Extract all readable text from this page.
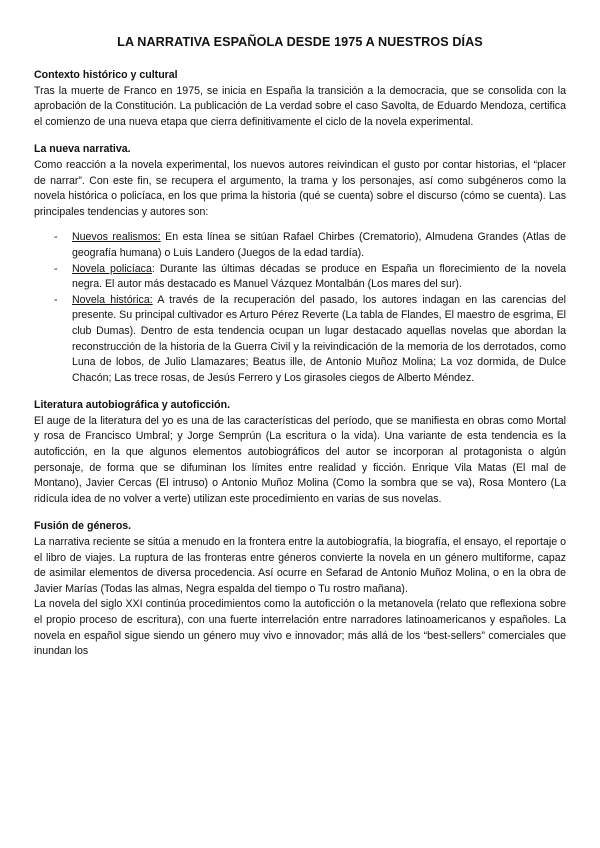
LA NARRATIVA ESPAÑOLA DESDE 1975 A NUESTROS DÍAS

Contexto histórico y cultural

Tras la muerte de Franco en 1975, se inicia en España la transición a la democracia, que se consolida con la aprobación de la Constitución. La publicación de La verdad sobre el caso Savolta, de Eduardo Mendoza, certifica el comienzo de una nueva etapa que cierra definitivamente el ciclo de la novela experimental.

La nueva narrativa.

Como reacción a la novela experimental, los nuevos autores reivindican el gusto por contar historias, el “placer de narrar”. Con este fin, se recupera el argumento, la trama y los personajes, así como subgéneros como la novela histórica o policíaca, en los que prima la historia (qué se cuenta) sobre el discurso (cómo se cuenta). Las principales tendencias y autores son:

- Nuevos realismos: En esta línea se sitúan Rafael Chirbes (Crematorio), Almudena Grandes (Atlas de geografía humana) o Luis Landero (Juegos de la edad tardía).
- Novela policíaca: Durante las últimas décadas se produce en España un florecimiento de la novela negra. El autor más destacado es Manuel Vázquez Montalbán (Los mares del sur).
- Novela histórica: A través de la recuperación del pasado, los autores indagan en las carencias del presente. Su principal cultivador es Arturo Pérez Reverte (La tabla de Flandes, El maestro de esgrima, El club Dumas). Dentro de esta tendencia ocupan un lugar destacado aquellas novelas que abordan la reconstrucción de la historia de la Guerra Civil y la reivindicación de la memoria de los derrotados, como Luna de lobos, de Julio Llamazares; Beatus ille, de Antonio Muñoz Molina; La voz dormida, de Dulce Chacón; Las trece rosas, de Jesús Ferrero y Los girasoles ciegos de Alberto Méndez.

Literatura autobiográfica y autoficción.

El auge de la literatura del yo es una de las características del período, que se manifiesta en obras como Mortal y rosa de Francisco Umbral; y Jorge Semprún (La escritura o la vida). Una variante de esta tendencia es la autoficción, en la que algunos elementos autobiográficos del autor se incorporan al protagonista o algún personaje, de forma que se difuminan los límites entre realidad y ficción. Enrique Vila Matas (El mal de Montano), Javier Cercas (El intruso) o Antonio Muñoz Molina (Como la sombra que se va), Rosa Montero (La ridícula idea de no volver a verte) utilizan este procedimiento en varias de sus novelas.

Fusión de géneros.

La narrativa reciente se sitúa a menudo en la frontera entre la autobiografía, la biografía, el ensayo, el reportaje o el libro de viajes. La ruptura de las fronteras entre géneros convierte la novela en un género multiforme, capaz de asimilar elementos de diversa procedencia. Así ocurre en Sefarad de Antonio Muñoz Molina, o en la obra de Javier Marías (Todas las almas, Negra espalda del tiempo o Tu rostro mañana).

La novela del siglo XXI continúa procedimientos como la autoficción o la metanovela (relato que reflexiona sobre el propio proceso de escritura), con una fuerte interrelación entre narradores latinoamericanos y españoles. La novela en español sigue siendo un género muy vivo e innovador; más allá de los “best-sellers” comerciales que inundan los
